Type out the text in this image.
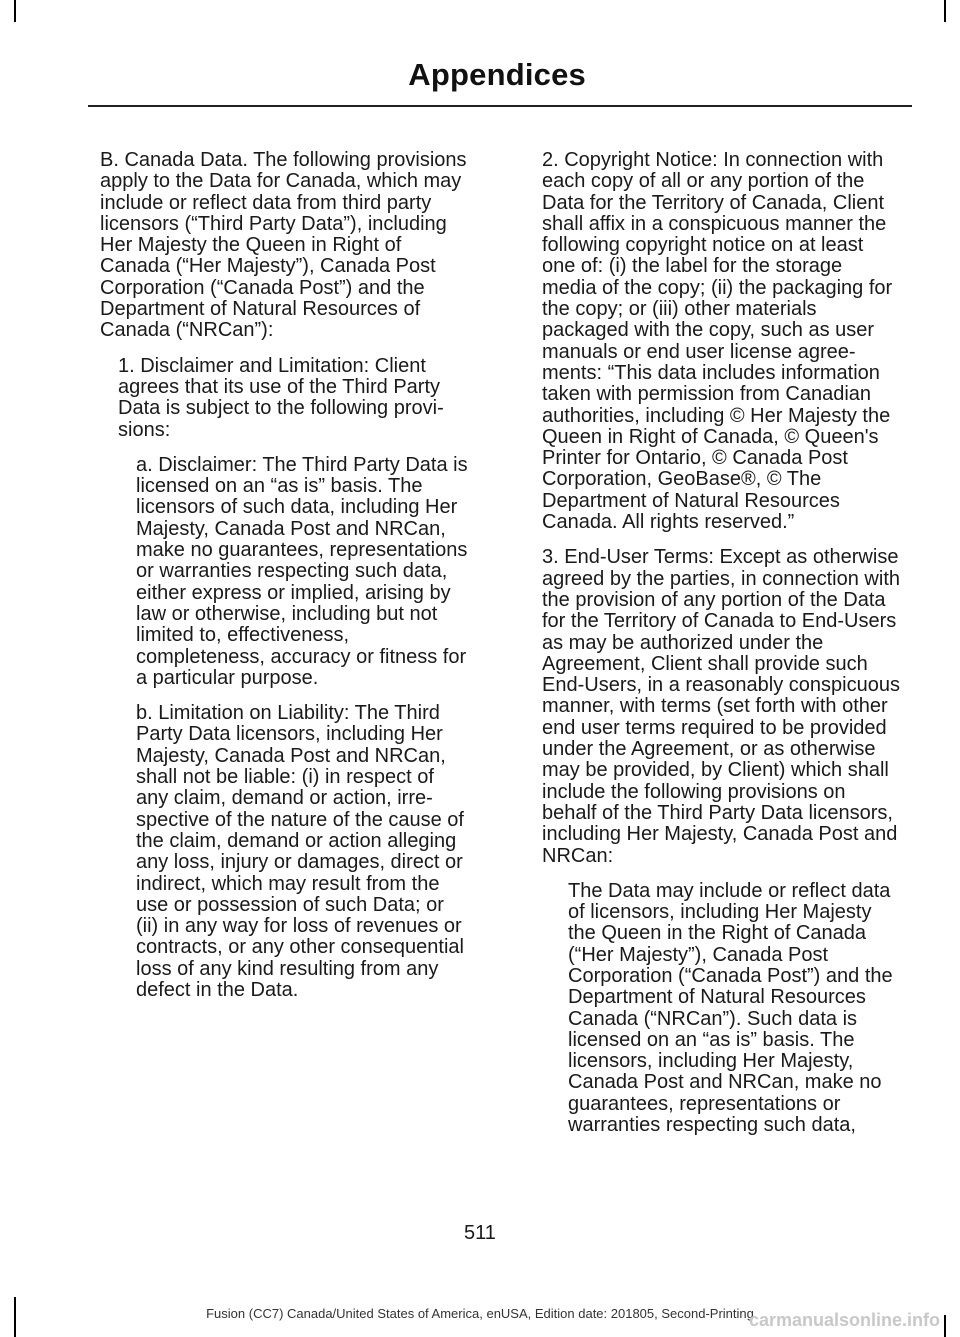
Appendices

B. Canada Data. The following provisions apply to the Data for Canada, which may include or reflect data from third party licensors (“Third Party Data”), including Her Majesty the Queen in Right of Canada (“Her Majesty”), Canada Post Corporation (“Canada Post”) and the Department of Natural Resources of Canada (“NRCan”):

1. Disclaimer and Limitation: Client agrees that its use of the Third Party Data is subject to the following provisions:

a. Disclaimer: The Third Party Data is licensed on an “as is” basis. The licensors of such data, including Her Majesty, Canada Post and NRCan, make no guarantees, representations or warranties respecting such data, either express or implied, arising by law or otherwise, including but not limited to, effectiveness, completeness, accuracy or fitness for a particular purpose.

b. Limitation on Liability: The Third Party Data licensors, including Her Majesty, Canada Post and NRCan, shall not be liable: (i) in respect of any claim, demand or action, irrespective of the nature of the cause of the claim, demand or action alleging any loss, injury or damages, direct or indirect, which may result from the use or possession of such Data; or (ii) in any way for loss of revenues or contracts, or any other consequential loss of any kind resulting from any defect in the Data.

2. Copyright Notice: In connection with each copy of all or any portion of the Data for the Territory of Canada, Client shall affix in a conspicuous manner the following copyright notice on at least one of: (i) the label for the storage media of the copy; (ii) the packaging for the copy; or (iii) other materials packaged with the copy, such as user manuals or end user license agreements: “This data includes information taken with permission from Canadian authorities, including © Her Majesty the Queen in Right of Canada, © Queen's Printer for Ontario, © Canada Post Corporation, GeoBase®, © The Department of Natural Resources Canada. All rights reserved.”

3. End-User Terms: Except as otherwise agreed by the parties, in connection with the provision of any portion of the Data for the Territory of Canada to End-Users as may be authorized under the Agreement, Client shall provide such End-Users, in a reasonably conspicuous manner, with terms (set forth with other end user terms required to be provided under the Agreement, or as otherwise may be provided, by Client) which shall include the following provisions on behalf of the Third Party Data licensors, including Her Majesty, Canada Post and NRCan:

The Data may include or reflect data of licensors, including Her Majesty the Queen in the Right of Canada (“Her Majesty”), Canada Post Corporation (“Canada Post”) and the Department of Natural Resources Canada (“NRCan”). Such data is licensed on an “as is” basis. The licensors, including Her Majesty, Canada Post and NRCan, make no guarantees, representations or warranties respecting such data,

511
Fusion (CC7) Canada/United States of America, enUSA, Edition date: 201805, Second-Printing
carmanualsonline.info
